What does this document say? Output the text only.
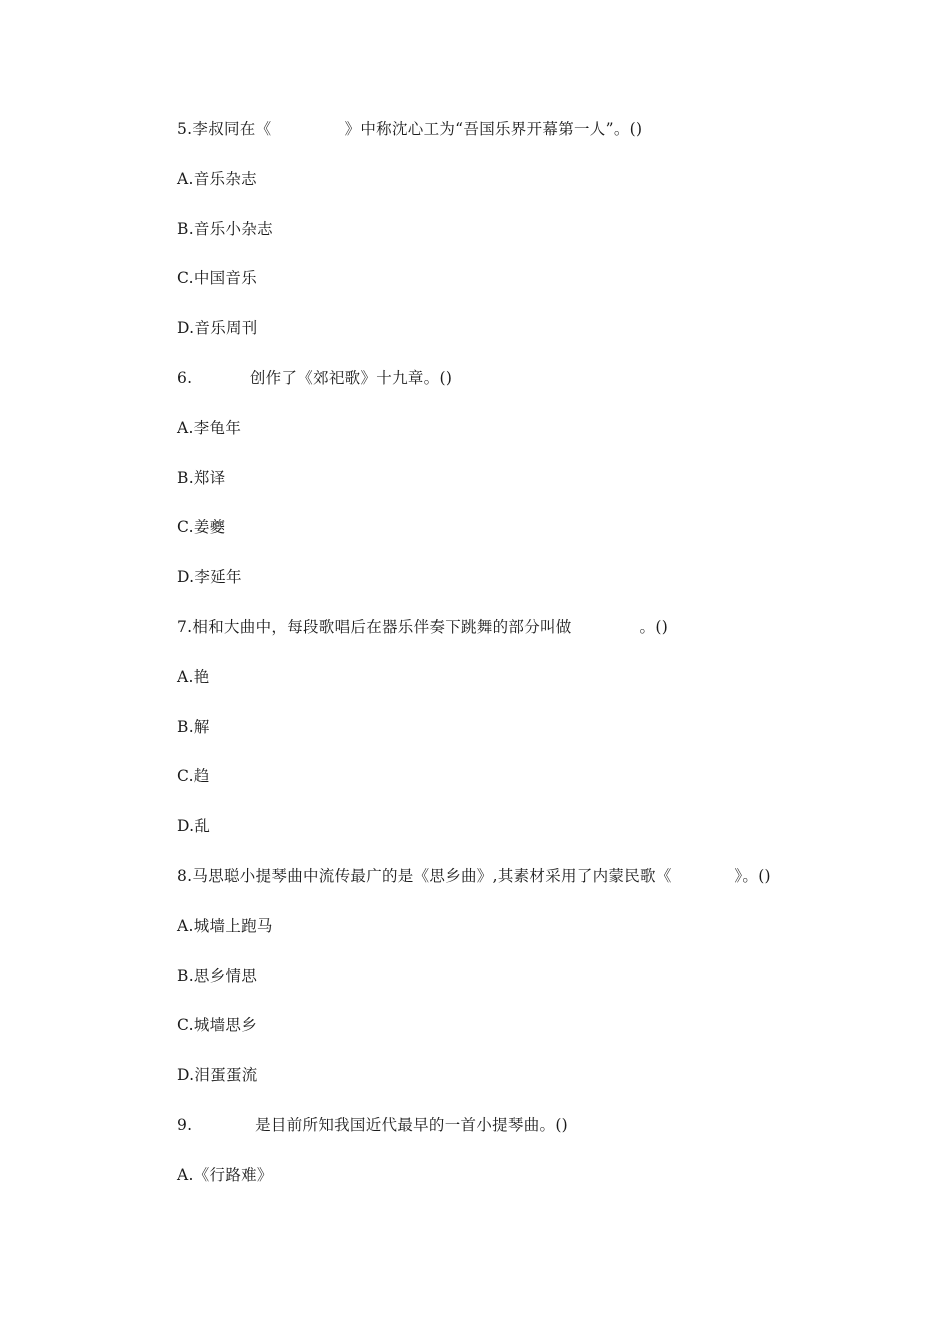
5.李叔同在《              》中称沈心工为“吾国乐界开幕第一人”。()
A.音乐杂志
B.音乐小杂志
C.中国音乐
D.音乐周刊
6.           创作了《郊祀歌》十九章。()
A.李龟年
B.郑译
C.姜夔
D.李延年
7.相和大曲中，每段歌唱后在器乐伴奏下跳舞的部分叫做             。()
A.艳
B.解
C.趋
D.乱
8.马思聪小提琴曲中流传最广的是《思乡曲》,其素材采用了内蒙民歌《            》。()
A.城墙上跑马
B.思乡情思
C.城墙思乡
D.泪蛋蛋流
9.            是目前所知我国近代最早的一首小提琴曲。()
A.《行路难》
